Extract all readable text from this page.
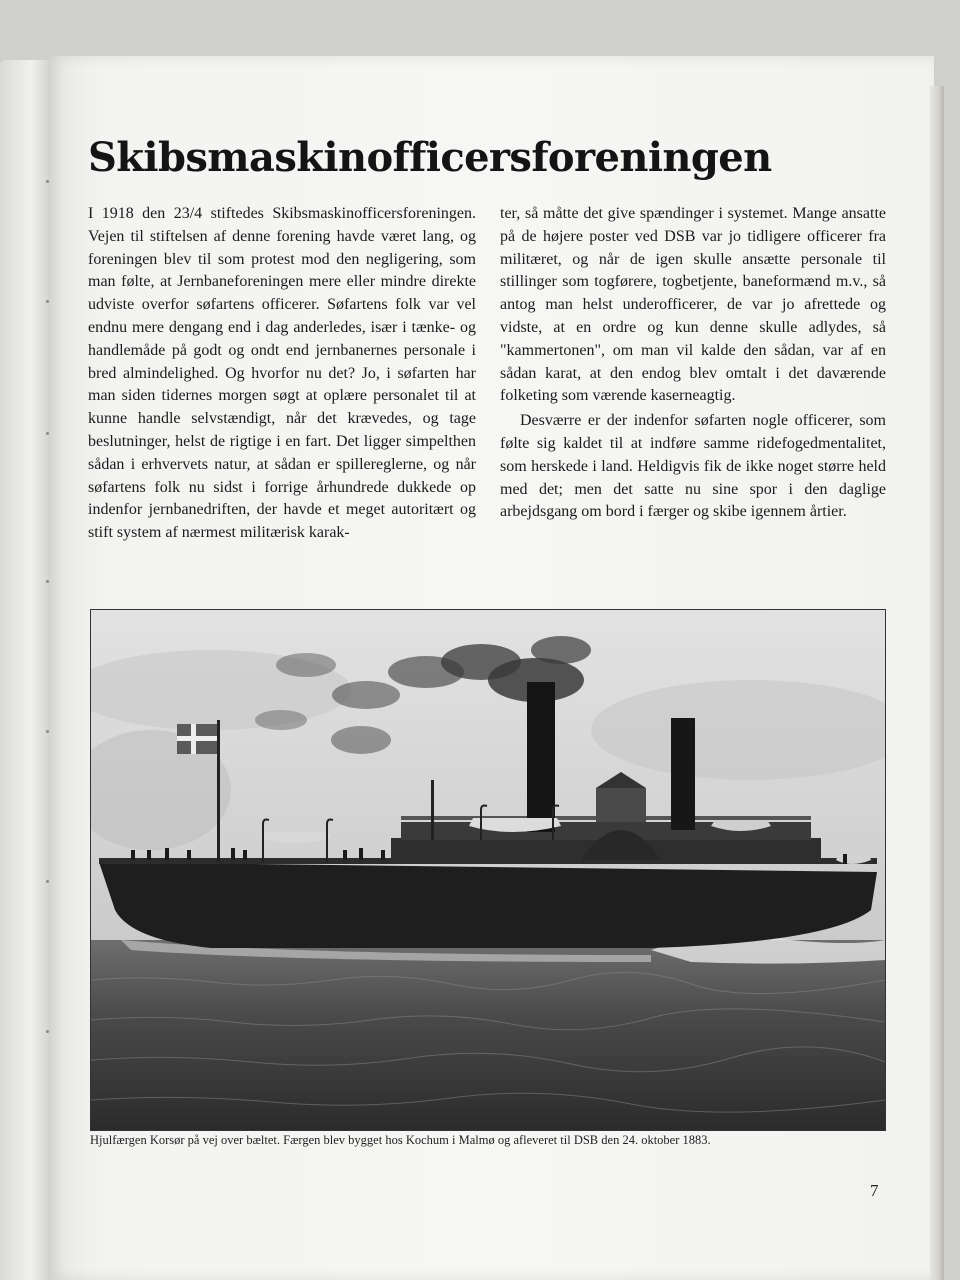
Skibsmaskinofficersforeningen

I 1918 den 23/4 stiftedes Skibsmaskinofficersforeningen. Vejen til stiftelsen af denne forening havde været lang, og foreningen blev til som protest mod den negligering, som man følte, at Jernbaneforeningen mere eller mindre direkte udviste overfor søfartens officerer. Søfartens folk var vel endnu mere dengang end i dag anderledes, især i tænke- og handlemåde på godt og ondt end jernbanernes personale i bred almindelighed. Og hvorfor nu det? Jo, i søfarten har man siden tidernes morgen søgt at oplære personalet til at kunne handle selvstændigt, når det krævedes, og tage beslutninger, helst de rigtige i en fart. Det ligger simpelthen sådan i erhvervets natur, at sådan er spillereglerne, og når søfartens folk nu sidst i forrige århundrede dukkede op indenfor jernbanedriften, der havde et meget autoritært og stift system af nærmest militærisk karak-

ter, så måtte det give spændinger i systemet. Mange ansatte på de højere poster ved DSB var jo tidligere officerer fra militæret, og når de igen skulle ansætte personale til stillinger som togførere, togbetjente, baneformænd m.v., så antog man helst underofficerer, de var jo afrettede og vidste, at en ordre og kun denne skulle adlydes, så "kammertonen", om man vil kalde den sådan, var af en sådan karat, at den endog blev omtalt i det daværende folketing som værende kaserneagtig.

Desværre er der indenfor søfarten nogle officerer, som følte sig kaldet til at indføre samme ridefogedmentalitet, som herskede i land. Heldigvis fik de ikke noget større held med det; men det satte nu sine spor i den daglige arbejdsgang om bord i færger og skibe igennem årtier.

Hjulfærgen Korsør på vej over bæltet. Færgen blev bygget hos Kochum i Malmø og afleveret til DSB den 24. oktober 1883.
7
